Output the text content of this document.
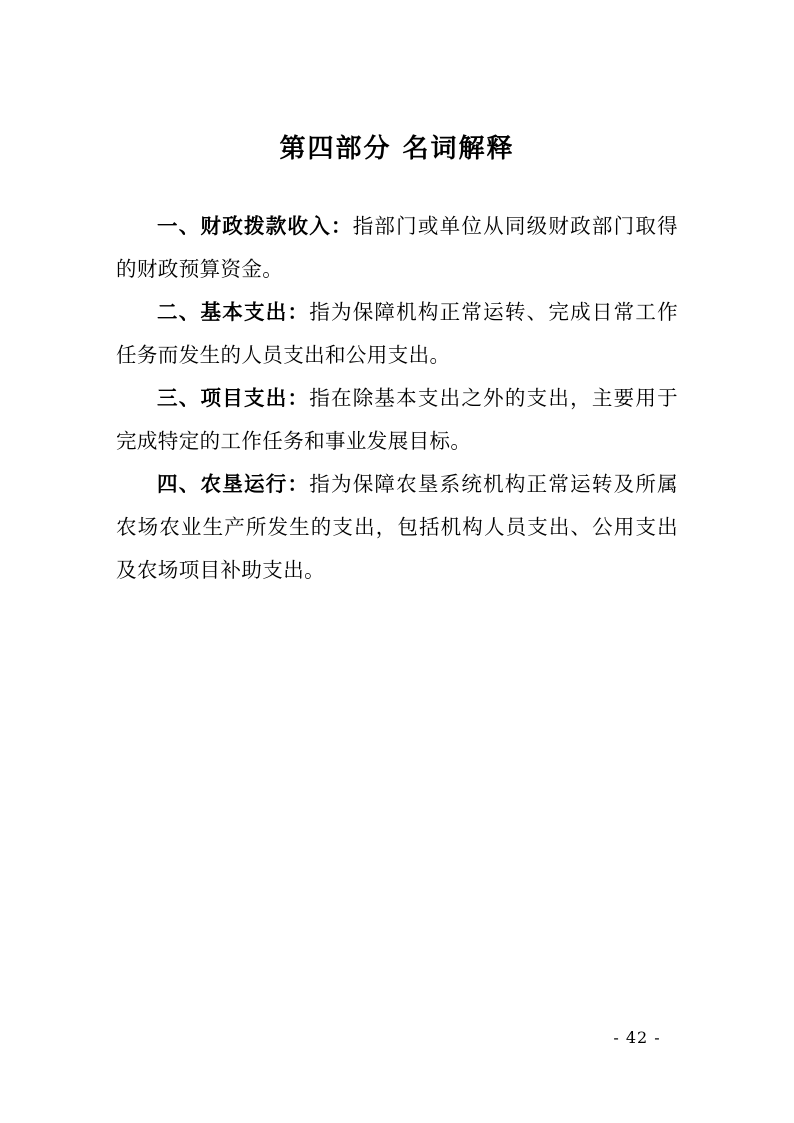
第四部分 名词解释

一、财政拨款收入：指部门或单位从同级财政部门取得的财政预算资金。

二、基本支出：指为保障机构正常运转、完成日常工作任务而发生的人员支出和公用支出。

三、项目支出：指在除基本支出之外的支出，主要用于完成特定的工作任务和事业发展目标。

四、农垦运行：指为保障农垦系统机构正常运转及所属农场农业生产所发生的支出，包括机构人员支出、公用支出及农场项目补助支出。

- 42 -
